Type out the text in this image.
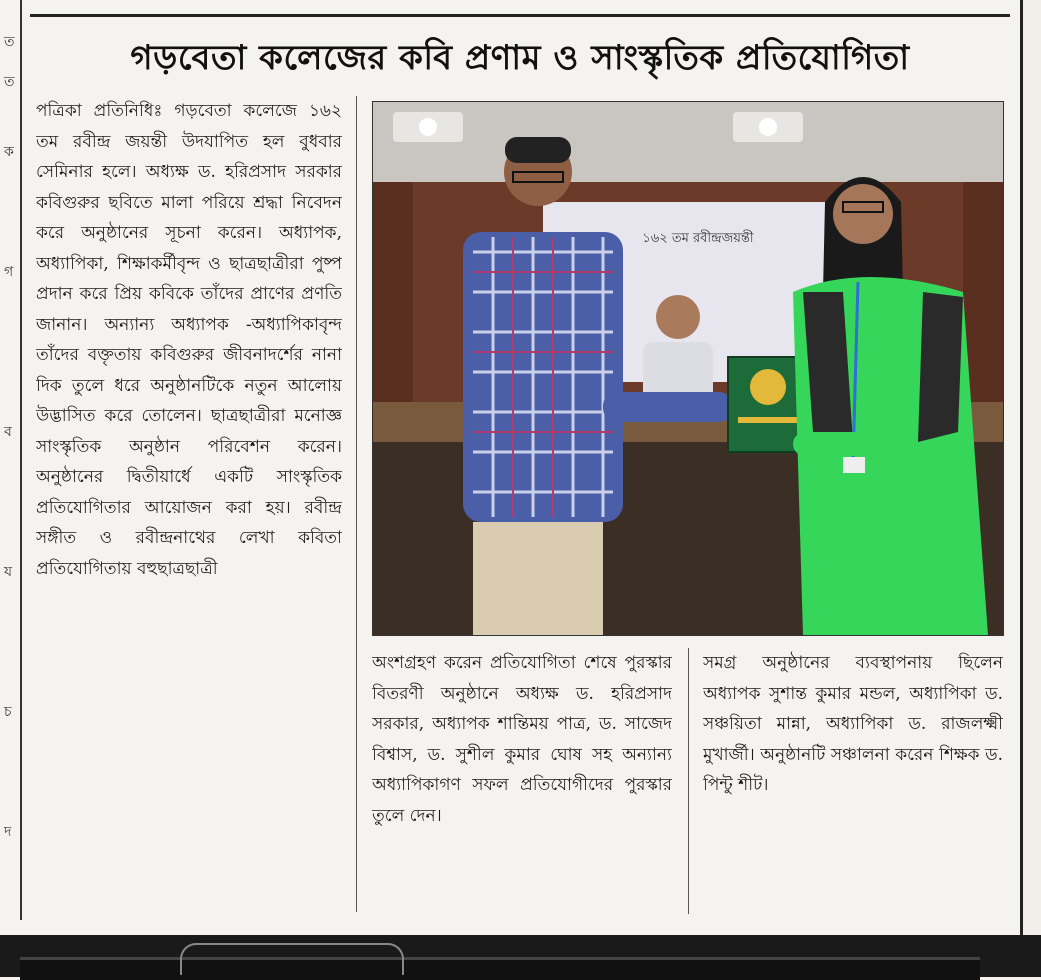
ত
ত
ক
গ
ব
য
চ
দ
গড়বেতা কলেজের কবি প্রণাম ও সাংস্কৃতিক প্রতিযোগিতা
পত্রিকা প্রতিনিধিঃ গড়বেতা কলেজে ১৬২ তম রবীন্দ্র জয়ন্তী উদযাপিত হল বুধবার সেমিনার হলে। অধ্যক্ষ ড. হরিপ্রসাদ সরকার কবিগুরুর ছবিতে মালা পরিয়ে শ্রদ্ধা নিবেদন করে অনুষ্ঠানের সূচনা করেন। অধ্যাপক, অধ্যাপিকা, শিক্ষাকর্মীবৃন্দ ও ছাত্রছাত্রীরা পুষ্প প্রদান করে প্রিয় কবিকে তাঁদের প্রাণের প্রণতি জানান। অন্যান্য অধ্যাপক -অধ্যাপিকাবৃন্দ তাঁদের বক্তৃতায় কবিগুরুর জীবনাদর্শের নানা দিক তুলে ধরে অনুষ্ঠানটিকে নতুন আলোয় উদ্ভাসিত করে তোলেন। ছাত্রছাত্রীরা মনোজ্ঞ সাংস্কৃতিক অনুষ্ঠান পরিবেশন করেন। অনুষ্ঠানের দ্বিতীয়ার্ধে একটি সাংস্কৃতিক প্রতিযোগিতার আয়োজন করা হয়। রবীন্দ্র সঙ্গীত ও রবীন্দ্রনাথের লেখা কবিতা প্রতিযোগিতায় বহুছাত্রছাত্রী
১৬২ তম রবীন্দ্রজয়ন্তী
অংশগ্রহণ করেন প্রতিযোগিতা শেষে পুরস্কার বিতরণী অনুষ্ঠানে অধ্যক্ষ ড. হরিপ্রসাদ সরকার, অধ্যাপক শান্তিময় পাত্র, ড. সাজেদ বিশ্বাস, ড. সুশীল কুমার ঘোষ সহ অন্যান্য অধ্যাপিকাগণ সফল প্রতিযোগীদের পুরস্কার তুলে দেন।
সমগ্র অনুষ্ঠানের ব্যবস্থাপনায় ছিলেন অধ্যাপক সুশান্ত কুমার মন্ডল, অধ্যাপিকা ড. সঞ্চয়িতা মান্না, অধ্যাপিকা ড. রাজলক্ষ্মী মুখার্জী। অনুষ্ঠানটি সঞ্চালনা করেন শিক্ষক ড. পিন্টু শীট।
